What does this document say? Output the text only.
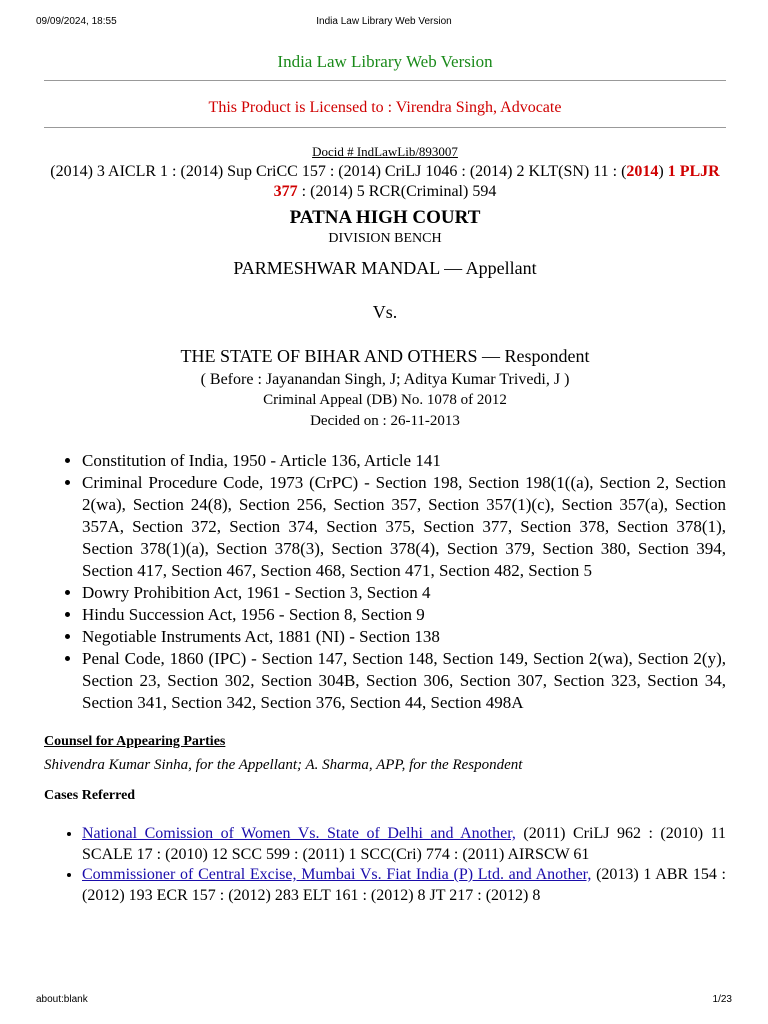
09/09/2024, 18:55	India Law Library Web Version
India Law Library Web Version
This Product is Licensed to : Virendra Singh, Advocate
Docid # IndLawLib/893007
(2014) 3 AICLR 1 : (2014) Sup CriCC 157 : (2014) CriLJ 1046 : (2014) 2 KLT(SN) 11 : (2014) 1 PLJR 377 : (2014) 5 RCR(Criminal) 594
PATNA HIGH COURT
DIVISION BENCH
PARMESHWAR MANDAL — Appellant
Vs.
THE STATE OF BIHAR AND OTHERS — Respondent
( Before : Jayanandan Singh, J; Aditya Kumar Trivedi, J )
Criminal Appeal (DB) No. 1078 of 2012
Decided on : 26-11-2013
• Constitution of India, 1950 - Article 136, Article 141
• Criminal Procedure Code, 1973 (CrPC) - Section 198, Section 198(1((a), Section 2, Section 2(wa), Section 24(8), Section 256, Section 357, Section 357(1)(c), Section 357(a), Section 357A, Section 372, Section 374, Section 375, Section 377, Section 378, Section 378(1), Section 378(1)(a), Section 378(3), Section 378(4), Section 379, Section 380, Section 394, Section 417, Section 467, Section 468, Section 471, Section 482, Section 5
• Dowry Prohibition Act, 1961 - Section 3, Section 4
• Hindu Succession Act, 1956 - Section 8, Section 9
• Negotiable Instruments Act, 1881 (NI) - Section 138
• Penal Code, 1860 (IPC) - Section 147, Section 148, Section 149, Section 2(wa), Section 2(y), Section 23, Section 302, Section 304B, Section 306, Section 307, Section 323, Section 34, Section 341, Section 342, Section 376, Section 44, Section 498A
Counsel for Appearing Parties
Shivendra Kumar Sinha, for the Appellant; A. Sharma, APP, for the Respondent
Cases Referred
• National Comission of Women Vs. State of Delhi and Another, (2011) CriLJ 962 : (2010) 11 SCALE 17 : (2010) 12 SCC 599 : (2011) 1 SCC(Cri) 774 : (2011) AIRSCW 61
• Commissioner of Central Excise, Mumbai Vs. Fiat India (P) Ltd. and Another, (2013) 1 ABR 154 : (2012) 193 ECR 157 : (2012) 283 ELT 161 : (2012) 8 JT 217 : (2012) 8
about:blank	1/23
